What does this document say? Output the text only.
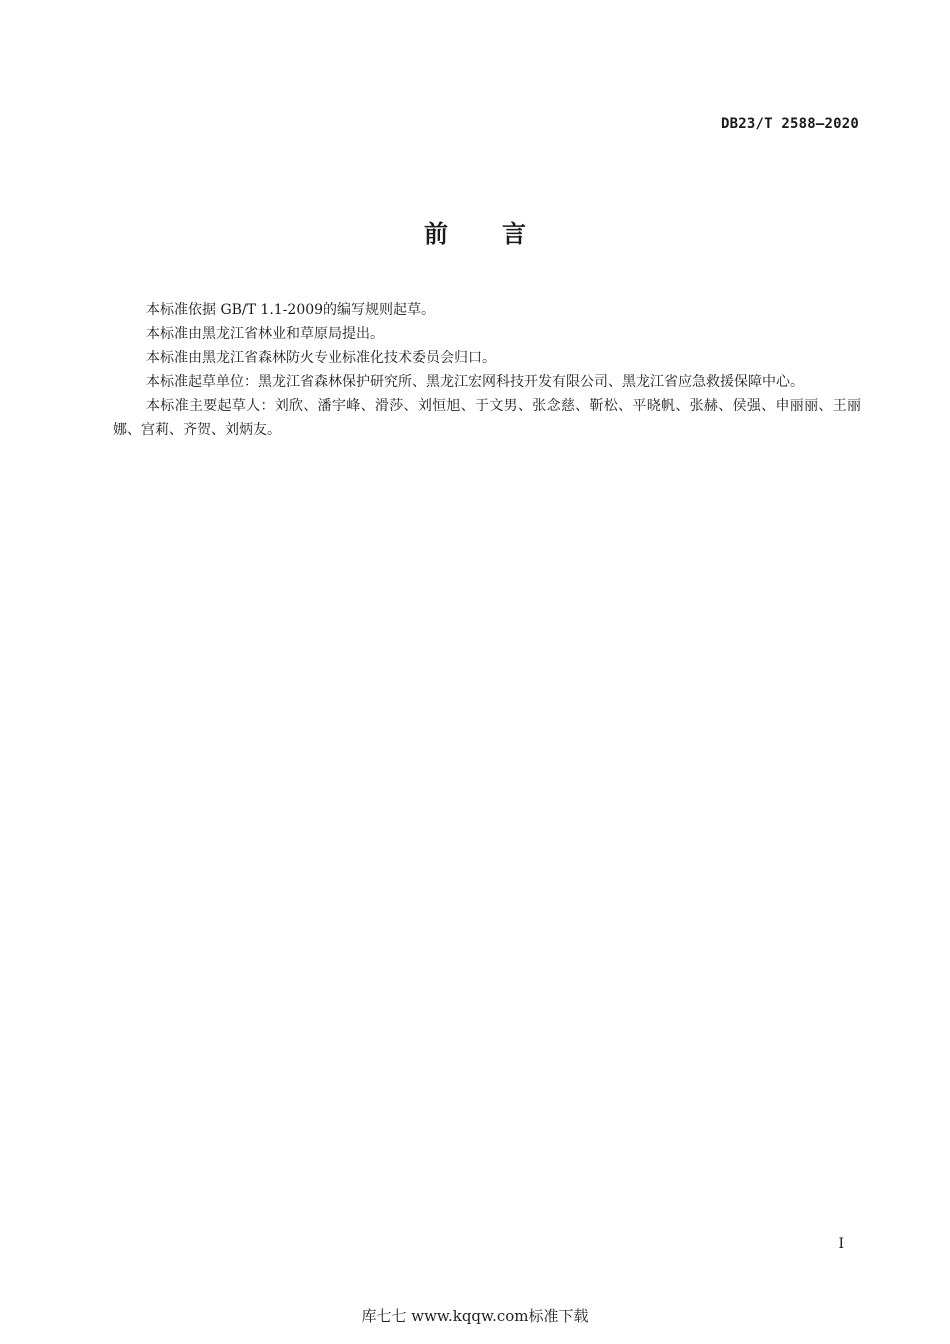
DB23/T 2588—2020
前 言

本标准依据 GB/T 1.1-2009的编写规则起草。

本标准由黑龙江省林业和草原局提出。

本标准由黑龙江省森林防火专业标准化技术委员会归口。

本标准起草单位：黑龙江省森林保护研究所、黑龙江宏网科技开发有限公司、黑龙江省应急救援保障中心。

本标准主要起草人：刘欣、潘宇峰、滑莎、刘恒旭、于文男、张念慈、靳松、平晓帆、张赫、侯强、申丽丽、王丽娜、宫莉、齐贺、刘炳友。

I
库七七 www.kqqw.com标准下载
